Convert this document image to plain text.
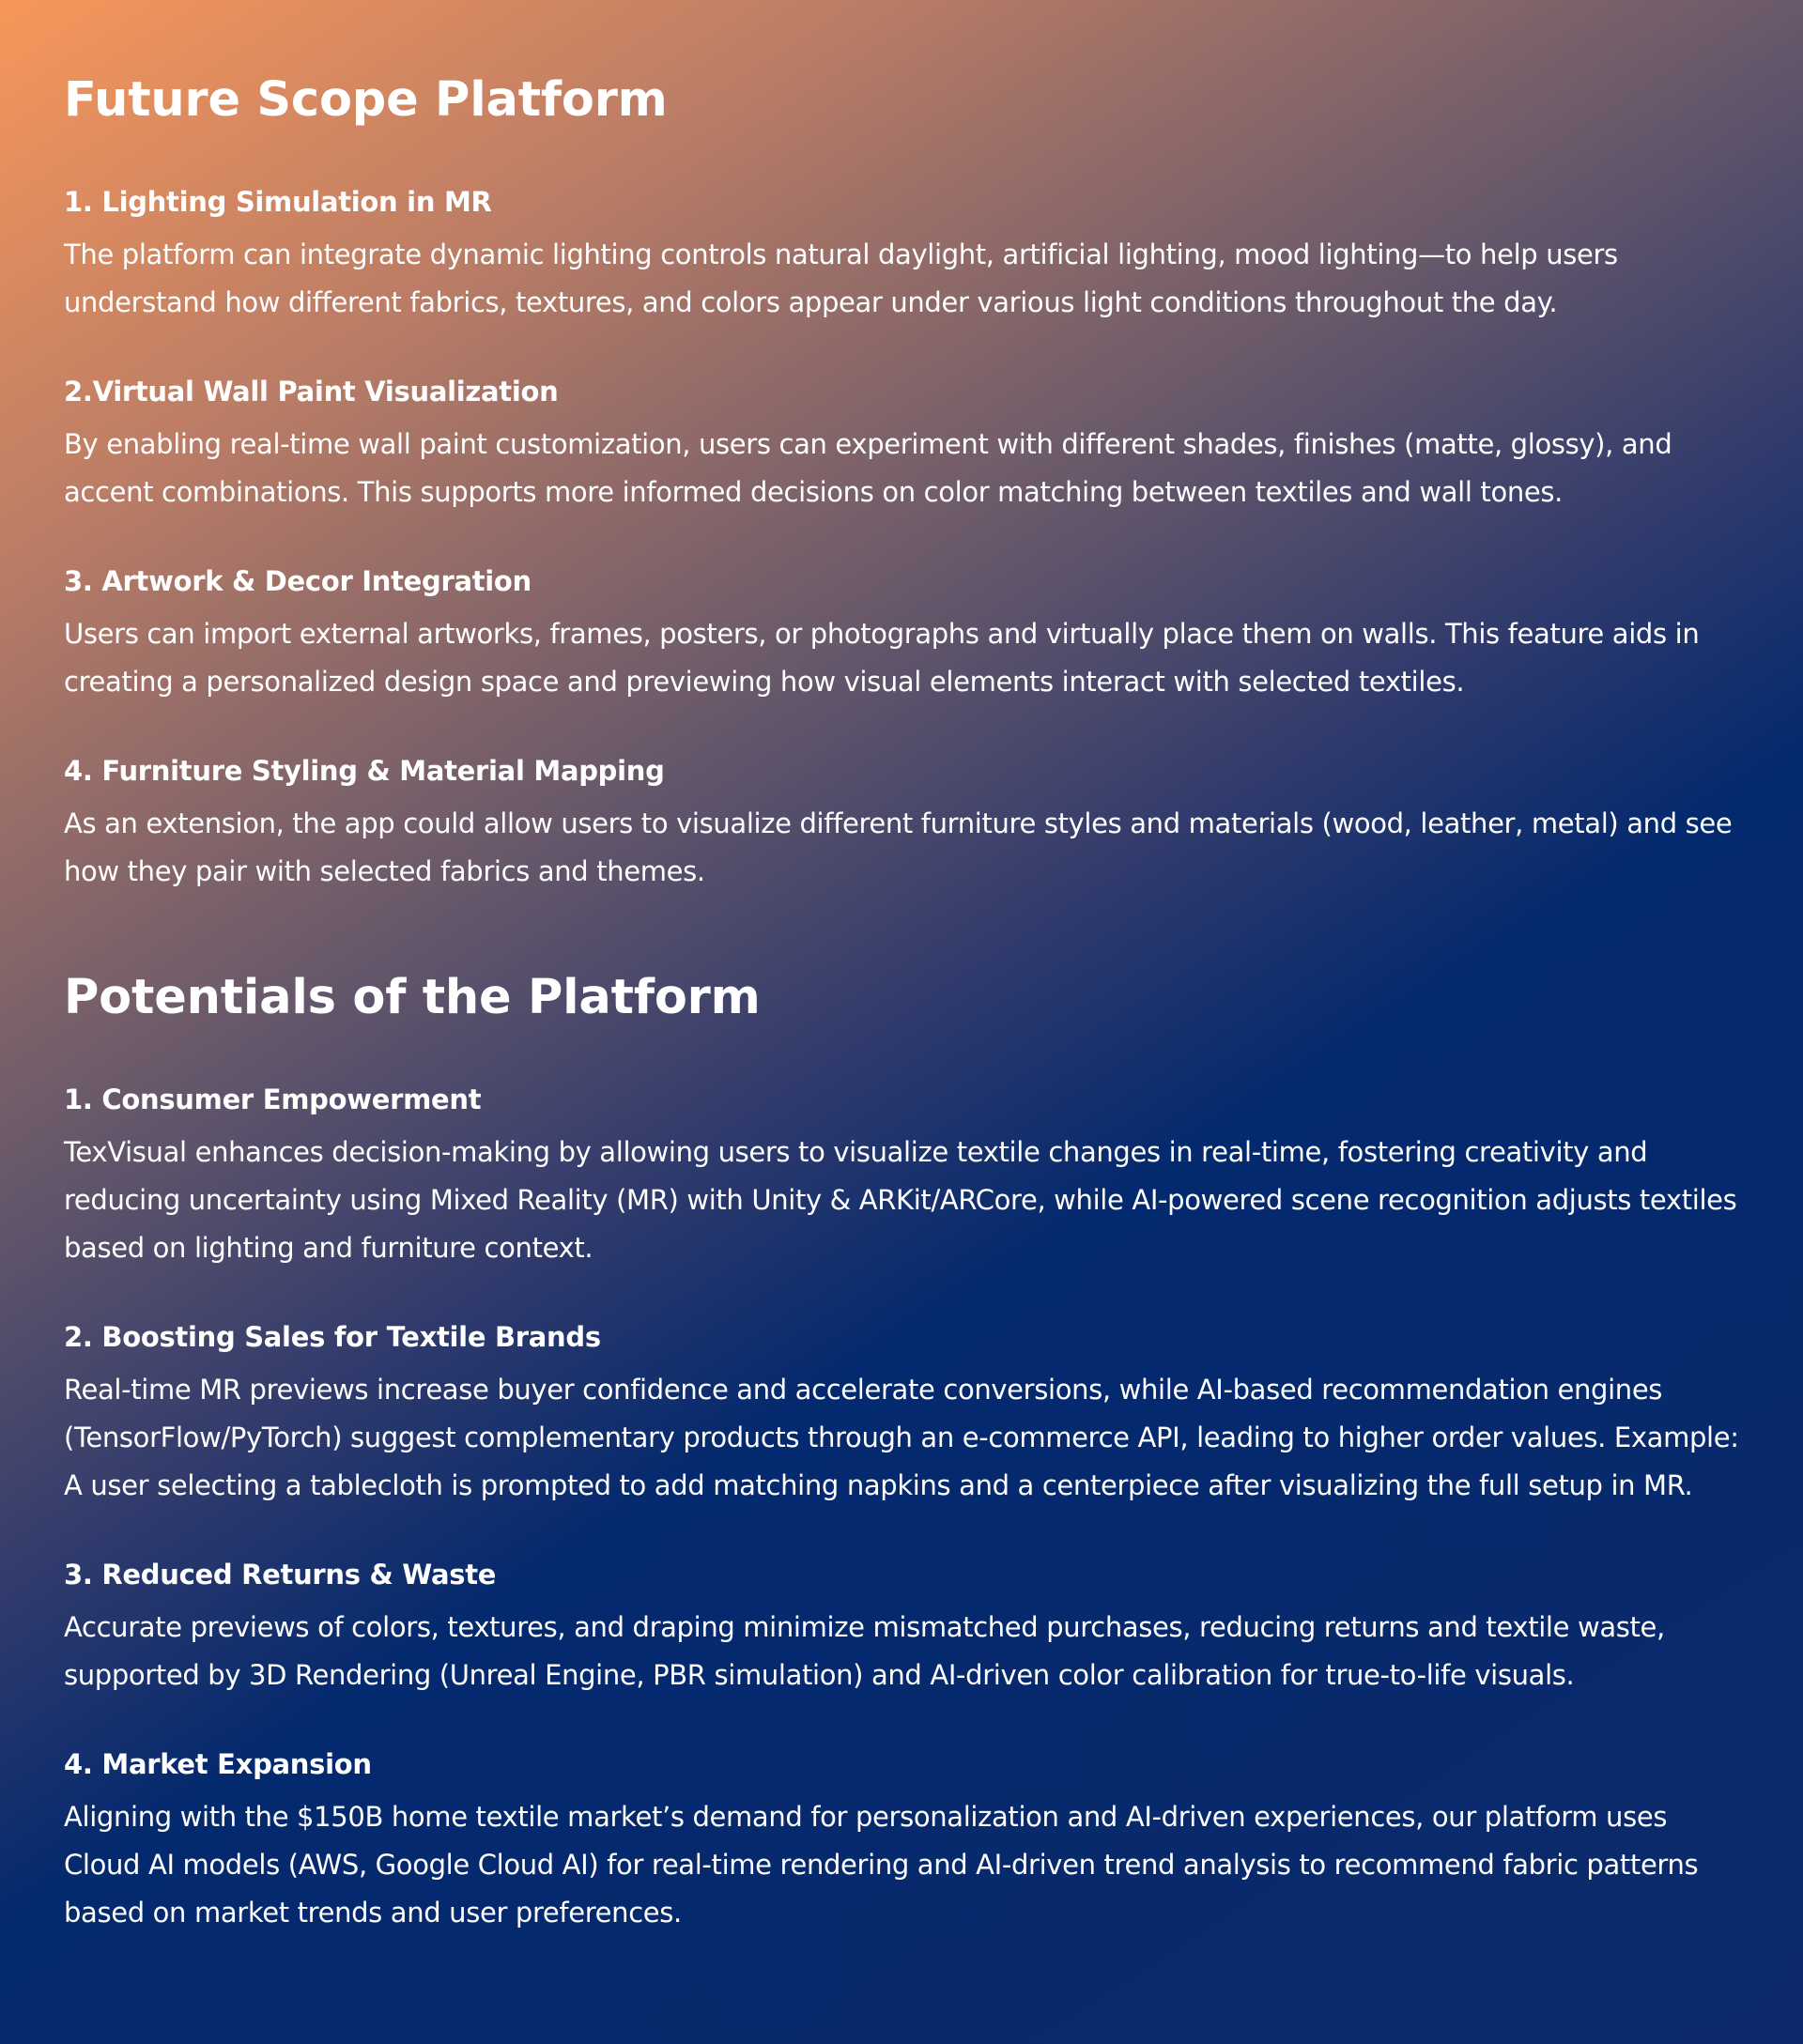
Future Scope Platform
1. Lighting Simulation in MR
The platform can integrate dynamic lighting controls natural daylight, artificial lighting, mood lighting—to help users understand how different fabrics, textures, and colors appear under various light conditions throughout the day.
2.Virtual Wall Paint Visualization
By enabling real-time wall paint customization, users can experiment with different shades, finishes (matte, glossy), and accent combinations. This supports more informed decisions on color matching between textiles and wall tones.
3. Artwork & Decor Integration
Users can import external artworks, frames, posters, or photographs and virtually place them on walls. This feature aids in creating a personalized design space and previewing how visual elements interact with selected textiles.
4. Furniture Styling & Material Mapping
As an extension, the app could allow users to visualize different furniture styles and materials (wood, leather, metal) and see how they pair with selected fabrics and themes.
Potentials of the Platform
1. Consumer Empowerment
TexVisual enhances decision-making by allowing users to visualize textile changes in real-time, fostering creativity and reducing uncertainty using Mixed Reality (MR) with Unity & ARKit/ARCore, while AI-powered scene recognition adjusts textiles based on lighting and furniture context.
2. Boosting Sales for Textile Brands
Real-time MR previews increase buyer confidence and accelerate conversions, while AI-based recommendation engines (TensorFlow/PyTorch) suggest complementary products through an e-commerce API, leading to higher order values. Example: A user selecting a tablecloth is prompted to add matching napkins and a centerpiece after visualizing the full setup in MR.
3. Reduced Returns & Waste
Accurate previews of colors, textures, and draping minimize mismatched purchases, reducing returns and textile waste, supported by 3D Rendering (Unreal Engine, PBR simulation) and AI-driven color calibration for true-to-life visuals.
4. Market Expansion
Aligning with the $150B home textile market’s demand for personalization and AI-driven experiences, our platform uses Cloud AI models (AWS, Google Cloud AI) for real-time rendering and AI-driven trend analysis to recommend fabric patterns based on market trends and user preferences.
